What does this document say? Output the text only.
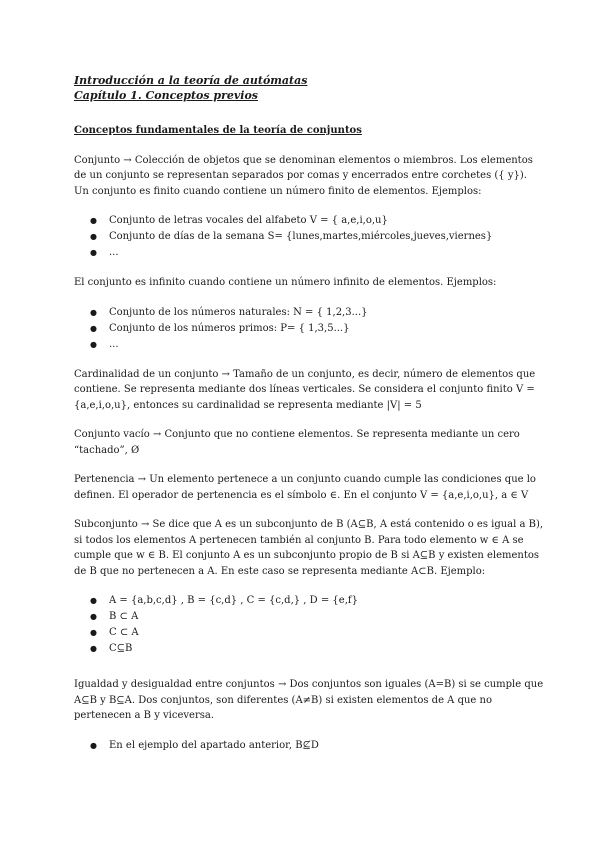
Introducción a la teoría de autómatas
Capítulo 1. Conceptos previos
Conceptos fundamentales de la teoría de conjuntos

Conjunto → Colección de objetos que se denominan elementos o miembros. Los elementos de un conjunto se representan separados por comas y encerrados entre corchetes ({ y}).

Un conjunto es finito cuando contiene un número finito de elementos. Ejemplos:

● Conjunto de letras vocales del alfabeto V = { a,e,i,o,u}
● Conjunto de días de la semana S= {lunes,martes,miércoles,jueves,viernes}
● ...

El conjunto es infinito cuando contiene un número infinito de elementos. Ejemplos:

● Conjunto de los números naturales: N = { 1,2,3...}
● Conjunto de los números primos: P= { 1,3,5...}
● ...

Cardinalidad de un conjunto → Tamaño de un conjunto, es decir, número de elementos que contiene. Se representa mediante dos líneas verticales. Se considera el conjunto finito V = {a,e,i,o,u}, entonces su cardinalidad se representa mediante |V| = 5

Conjunto vacío → Conjunto que no contiene elementos. Se representa mediante un cero “tachado”, Ø

Pertenencia → Un elemento pertenece a un conjunto cuando cumple las condiciones que lo definen. El operador de pertenencia es el símbolo ∈. En el conjunto V = {a,e,i,o,u}, a ∈ V

Subconjunto → Se dice que A es un subconjunto de B (A⊆B, A está contenido o es igual a B), si todos los elementos A pertenecen también al conjunto B. Para todo elemento w ∈ A se cumple que w ∈ B. El conjunto A es un subconjunto propio de B si A⊆B y existen elementos de B que no pertenecen a A. En este caso se representa mediante A⊂B. Ejemplo:

● A = {a,b,c,d} , B = {c,d} , C = {c,d,} , D = {e,f}
● B ⊂ A
● C ⊂ A
● C⊆B

Igualdad y desigualdad entre conjuntos → Dos conjuntos son iguales (A=B) si se cumple que A⊆B y B⊆A. Dos conjuntos, son diferentes (A≠B) si existen elementos de A que no pertenecen a B y viceversa.

● En el ejemplo del apartado anterior, B⊈D
